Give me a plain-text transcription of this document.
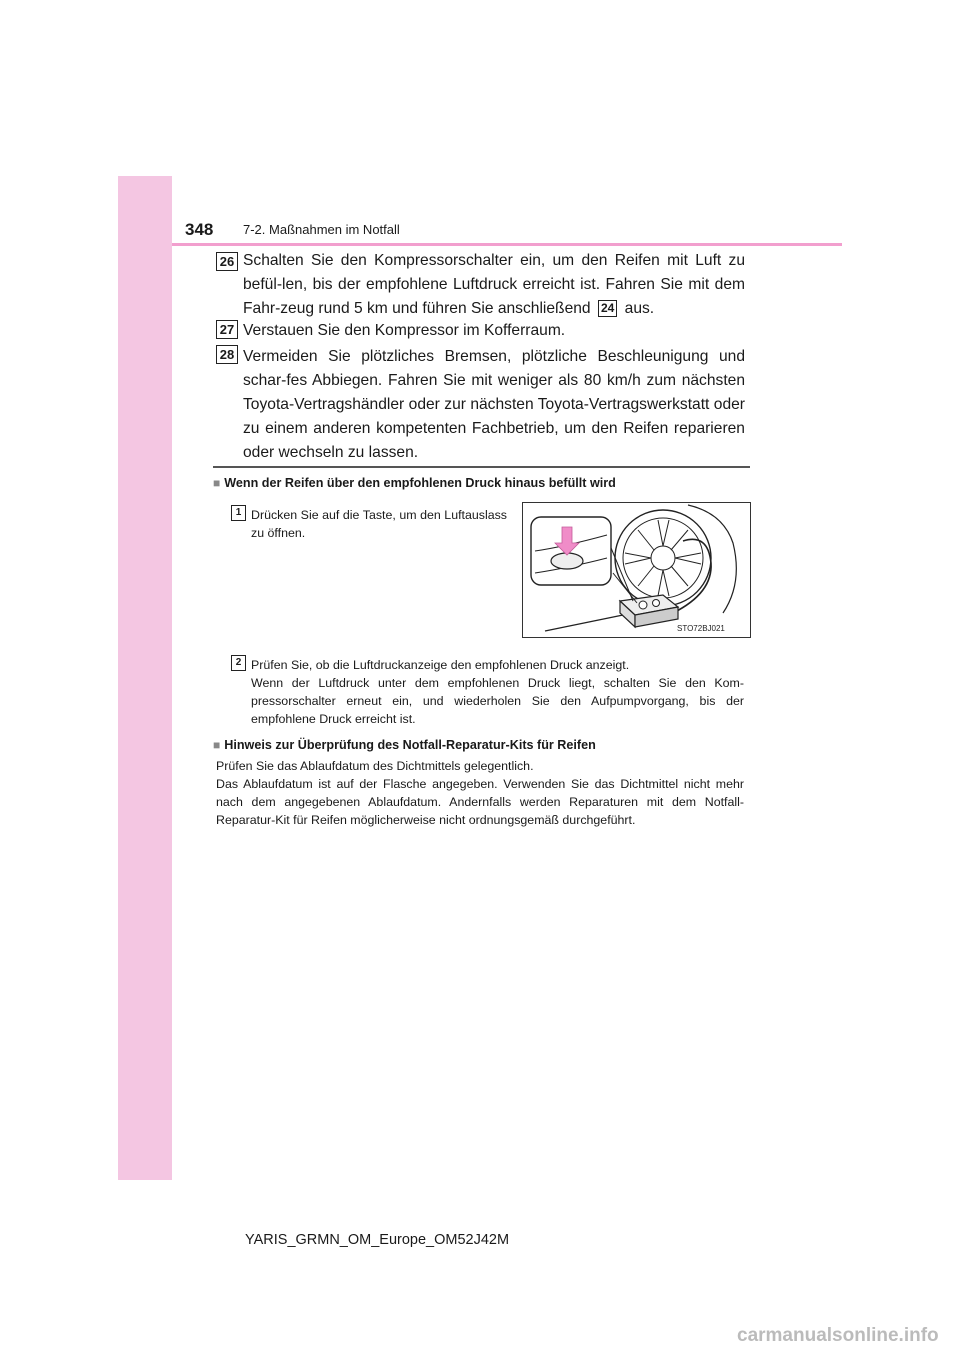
348 7-2. Maßnahmen im Notfall
26 Schalten Sie den Kompressorschalter ein, um den Reifen mit Luft zu befül-len, bis der empfohlene Luftdruck erreicht ist. Fahren Sie mit dem Fahr-zeug rund 5 km und führen Sie anschließend 24 aus.
27 Verstauen Sie den Kompressor im Kofferraum.
28 Vermeiden Sie plötzliches Bremsen, plötzliche Beschleunigung und schar-fes Abbiegen. Fahren Sie mit weniger als 80 km/h zum nächsten Toyota-Vertragshändler oder zur nächsten Toyota-Vertragswerkstatt oder zu einem anderen kompetenten Fachbetrieb, um den Reifen reparieren oder wechseln zu lassen.
■ Wenn der Reifen über den empfohlenen Druck hinaus befüllt wird
1 Drücken Sie auf die Taste, um den Luftauslass zu öffnen.
STO72BJ021
2 Prüfen Sie, ob die Luftdruckanzeige den empfohlenen Druck anzeigt.
Wenn der Luftdruck unter dem empfohlenen Druck liegt, schalten Sie den Kom-pressorschalter erneut ein, und wiederholen Sie den Aufpumpvorgang, bis der empfohlene Druck erreicht ist.
■ Hinweis zur Überprüfung des Notfall-Reparatur-Kits für Reifen
Prüfen Sie das Ablaufdatum des Dichtmittels gelegentlich.
Das Ablaufdatum ist auf der Flasche angegeben. Verwenden Sie das Dichtmittel nicht mehr nach dem angegebenen Ablaufdatum. Andernfalls werden Reparaturen mit dem Notfall-Reparatur-Kit für Reifen möglicherweise nicht ordnungsgemäß durchgeführt.
YARIS_GRMN_OM_Europe_OM52J42M
carmanualsonline.info
